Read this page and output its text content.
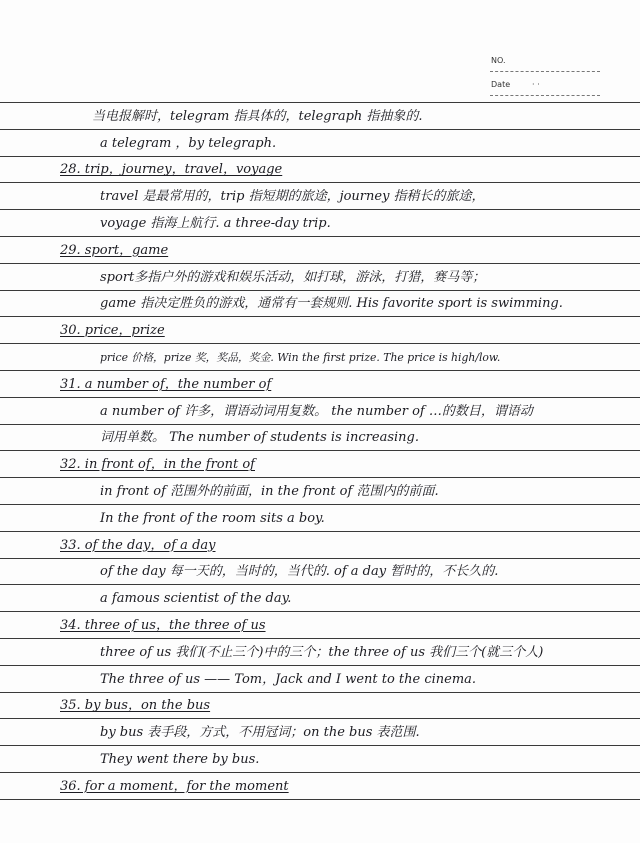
NO.
Date	· ·
当电报解时，telegram 指具体的，telegraph 指抽象的.
a telegram ，by telegraph.
28. trip，journey，travel，voyage
travel 是最常用的，trip 指短期的旅途，journey 指稍长的旅途，
voyage 指海上航行. a three-day trip.
29. sport，game
sport多指户外的游戏和娱乐活动，如打球，游泳，打猎，赛马等；
game 指决定胜负的游戏，通常有一套规则. His favorite sport is swimming.
30. price，prize
price 价格，prize 奖，奖品，奖金. Win the first prize. The price is high/low.
31. a number of，the number of
a number of 许多，谓语动词用复数。 the number of …的数目，谓语动
词用单数。 The number of students is increasing.
32. in front of，in the front of
in front of 范围外的前面，in the front of 范围内的前面.
In the front of the room sits a boy.
33. of the day，of a day
of the day 每一天的，当时的，当代的. of a day 暂时的，不长久的.
a famous scientist of the day.
34. three of us，the three of us
three of us 我们(不止三个)中的三个；the three of us 我们三个(就三个人)
The three of us —— Tom，Jack and I went to the cinema.
35. by bus，on the bus
by bus 表手段，方式，不用冠词；on the bus 表范围.
They went there by bus.
36. for a moment，for the moment
